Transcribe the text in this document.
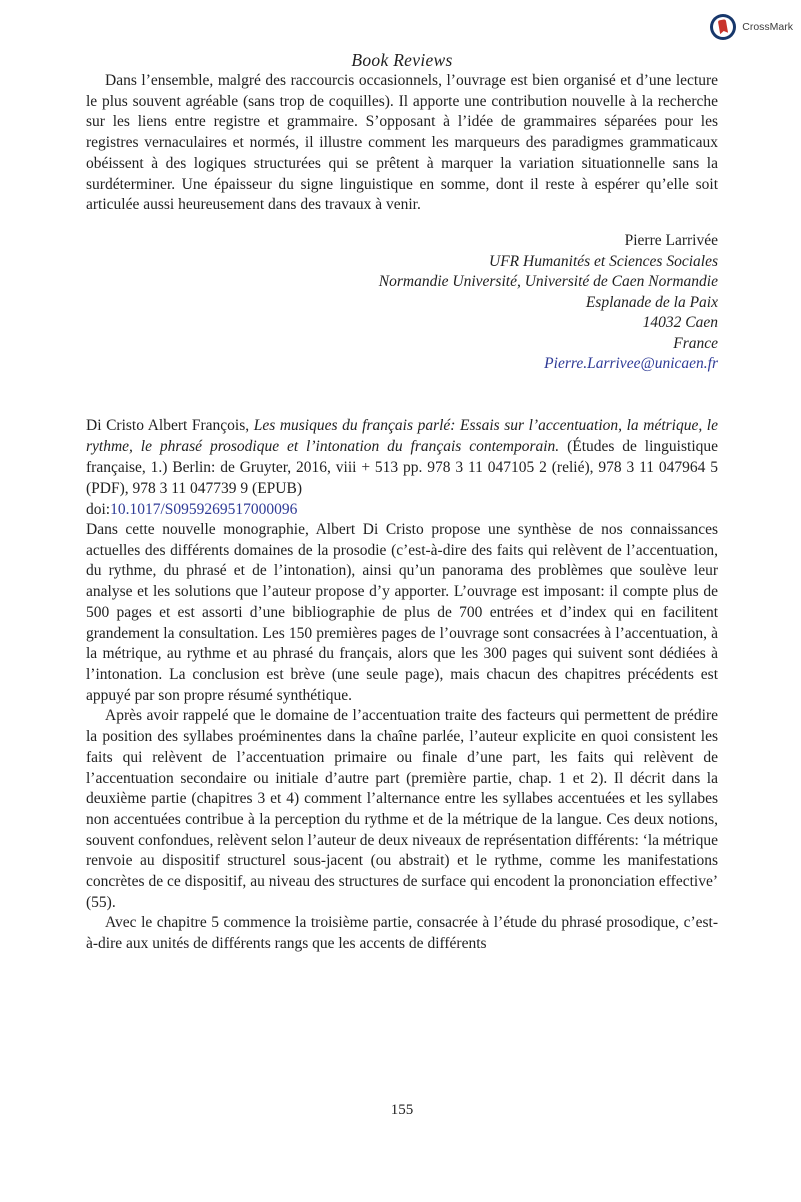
CrossMark
Book Reviews

Dans l’ensemble, malgré des raccourcis occasionnels, l’ouvrage est bien organisé et d’une lecture le plus souvent agréable (sans trop de coquilles). Il apporte une contribution nouvelle à la recherche sur les liens entre registre et grammaire. S’opposant à l’idée de grammaires séparées pour les registres vernaculaires et normés, il illustre comment les marqueurs des paradigmes grammaticaux obéissent à des logiques structurées qui se prêtent à marquer la variation situationnelle sans la surdéterminer. Une épaisseur du signe linguistique en somme, dont il reste à espérer qu’elle soit articulée aussi heureusement dans des travaux à venir.

Pierre Larrivée
UFR Humanités et Sciences Sociales
Normandie Université, Université de Caen Normandie
Esplanade de la Paix
14032 Caen
France
Pierre.Larrivee@unicaen.fr
Di Cristo Albert François, Les musiques du français parlé: Essais sur l’accentuation, la métrique, le rythme, le phrasé prosodique et l’intonation du français contemporain. (Études de linguistique française, 1.) Berlin: de Gruyter, 2016, viii + 513 pp. 978 3 11 047105 2 (relié), 978 3 11 047964 5 (PDF), 978 3 11 047739 9 (EPUB)
doi:10.1017/S0959269517000096

Dans cette nouvelle monographie, Albert Di Cristo propose une synthèse de nos connaissances actuelles des différents domaines de la prosodie (c’est-à-dire des faits qui relèvent de l’accentuation, du rythme, du phrasé et de l’intonation), ainsi qu’un panorama des problèmes que soulève leur analyse et les solutions que l’auteur propose d’y apporter. L’ouvrage est imposant: il compte plus de 500 pages et est assorti d’une bibliographie de plus de 700 entrées et d’index qui en facilitent grandement la consultation. Les 150 premières pages de l’ouvrage sont consacrées à l’accentuation, à la métrique, au rythme et au phrasé du français, alors que les 300 pages qui suivent sont dédiées à l’intonation. La conclusion est brève (une seule page), mais chacun des chapitres précédents est appuyé par son propre résumé synthétique.

Après avoir rappelé que le domaine de l’accentuation traite des facteurs qui permettent de prédire la position des syllabes proéminentes dans la chaîne parlée, l’auteur explicite en quoi consistent les faits qui relèvent de l’accentuation primaire ou finale d’une part, les faits qui relèvent de l’accentuation secondaire ou initiale d’autre part (première partie, chap. 1 et 2). Il décrit dans la deuxième partie (chapitres 3 et 4) comment l’alternance entre les syllabes accentuées et les syllabes non accentuées contribue à la perception du rythme et de la métrique de la langue. Ces deux notions, souvent confondues, relèvent selon l’auteur de deux niveaux de représentation différents: ‘la métrique renvoie au dispositif structurel sous-jacent (ou abstrait) et le rythme, comme les manifestations concrètes de ce dispositif, au niveau des structures de surface qui encodent la prononciation effective’ (55).

Avec le chapitre 5 commence la troisième partie, consacrée à l’étude du phrasé prosodique, c’est-à-dire aux unités de différents rangs que les accents de différents

155
